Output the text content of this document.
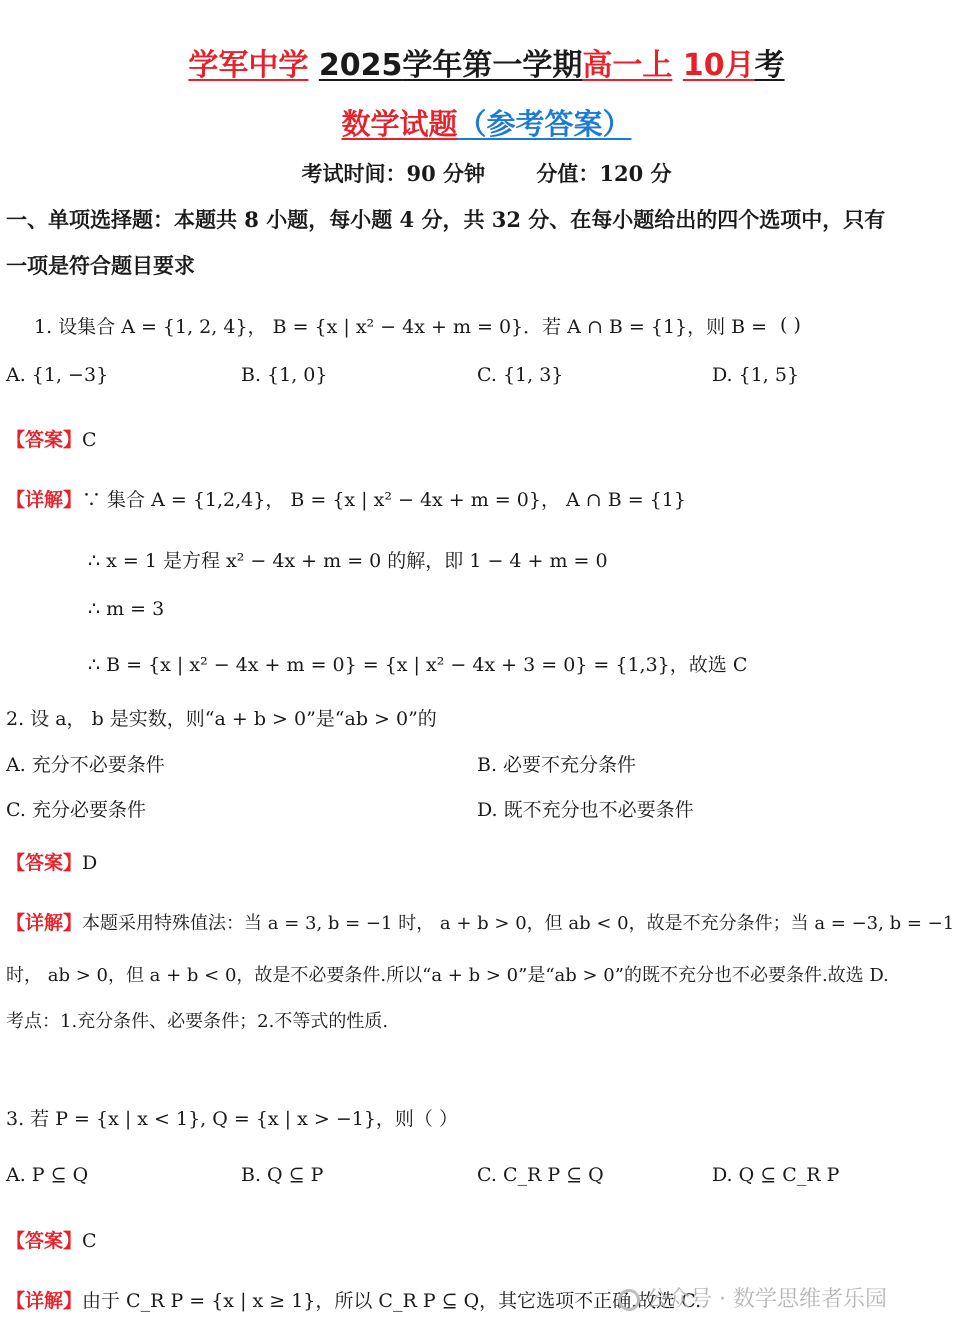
学军中学 2025学年第一学期高一上 10月考
数学试题（参考答案）
考试时间：90 分钟 分值：120 分
一、单项选择题：本题共 8 小题，每小题 4 分，共 32 分、在每小题给出的四个选项中，只有
一项是符合题目要求
1. 设集合 A = {1, 2, 4}， B = {x | x² − 4x + m = 0}．若 A ∩ B = {1}，则 B = ( )
A. {1, −3}	B. {1, 0}	C. {1, 3}	D. {1, 5}
【答案】C
【详解】∵ 集合 A = {1,2,4}， B = {x | x² − 4x + m = 0}， A ∩ B = {1}
∴ x = 1 是方程 x² − 4x + m = 0 的解，即 1 − 4 + m = 0
∴ m = 3
∴ B = {x | x² − 4x + m = 0} = {x | x² − 4x + 3 = 0} = {1,3}，故选 C
2. 设 a， b 是实数，则“a + b > 0”是“ab > 0”的
A. 充分不必要条件	B. 必要不充分条件
C. 充分必要条件	D. 既不充分也不必要条件
【答案】D
【详解】本题采用特殊值法：当 a = 3, b = −1 时， a + b > 0，但 ab < 0，故是不充分条件；当 a = −3, b = −1
时， ab > 0，但 a + b < 0，故是不必要条件.所以“a + b > 0”是“ab > 0”的既不充分也不必要条件.故选 D.
考点：1.充分条件、必要条件；2.不等式的性质.
3. 若 P = {x | x < 1}, Q = {x | x > −1}，则（ ）
A. P ⊆ Q	B. Q ⊆ P	C. C_R P ⊆ Q	D. Q ⊆ C_R P
【答案】C
【详解】由于 C_R P = {x | x ≥ 1}，所以 C_R P ⊆ Q，其它选项不正确.故选 C.
公众号 · 数学思维者乐园
